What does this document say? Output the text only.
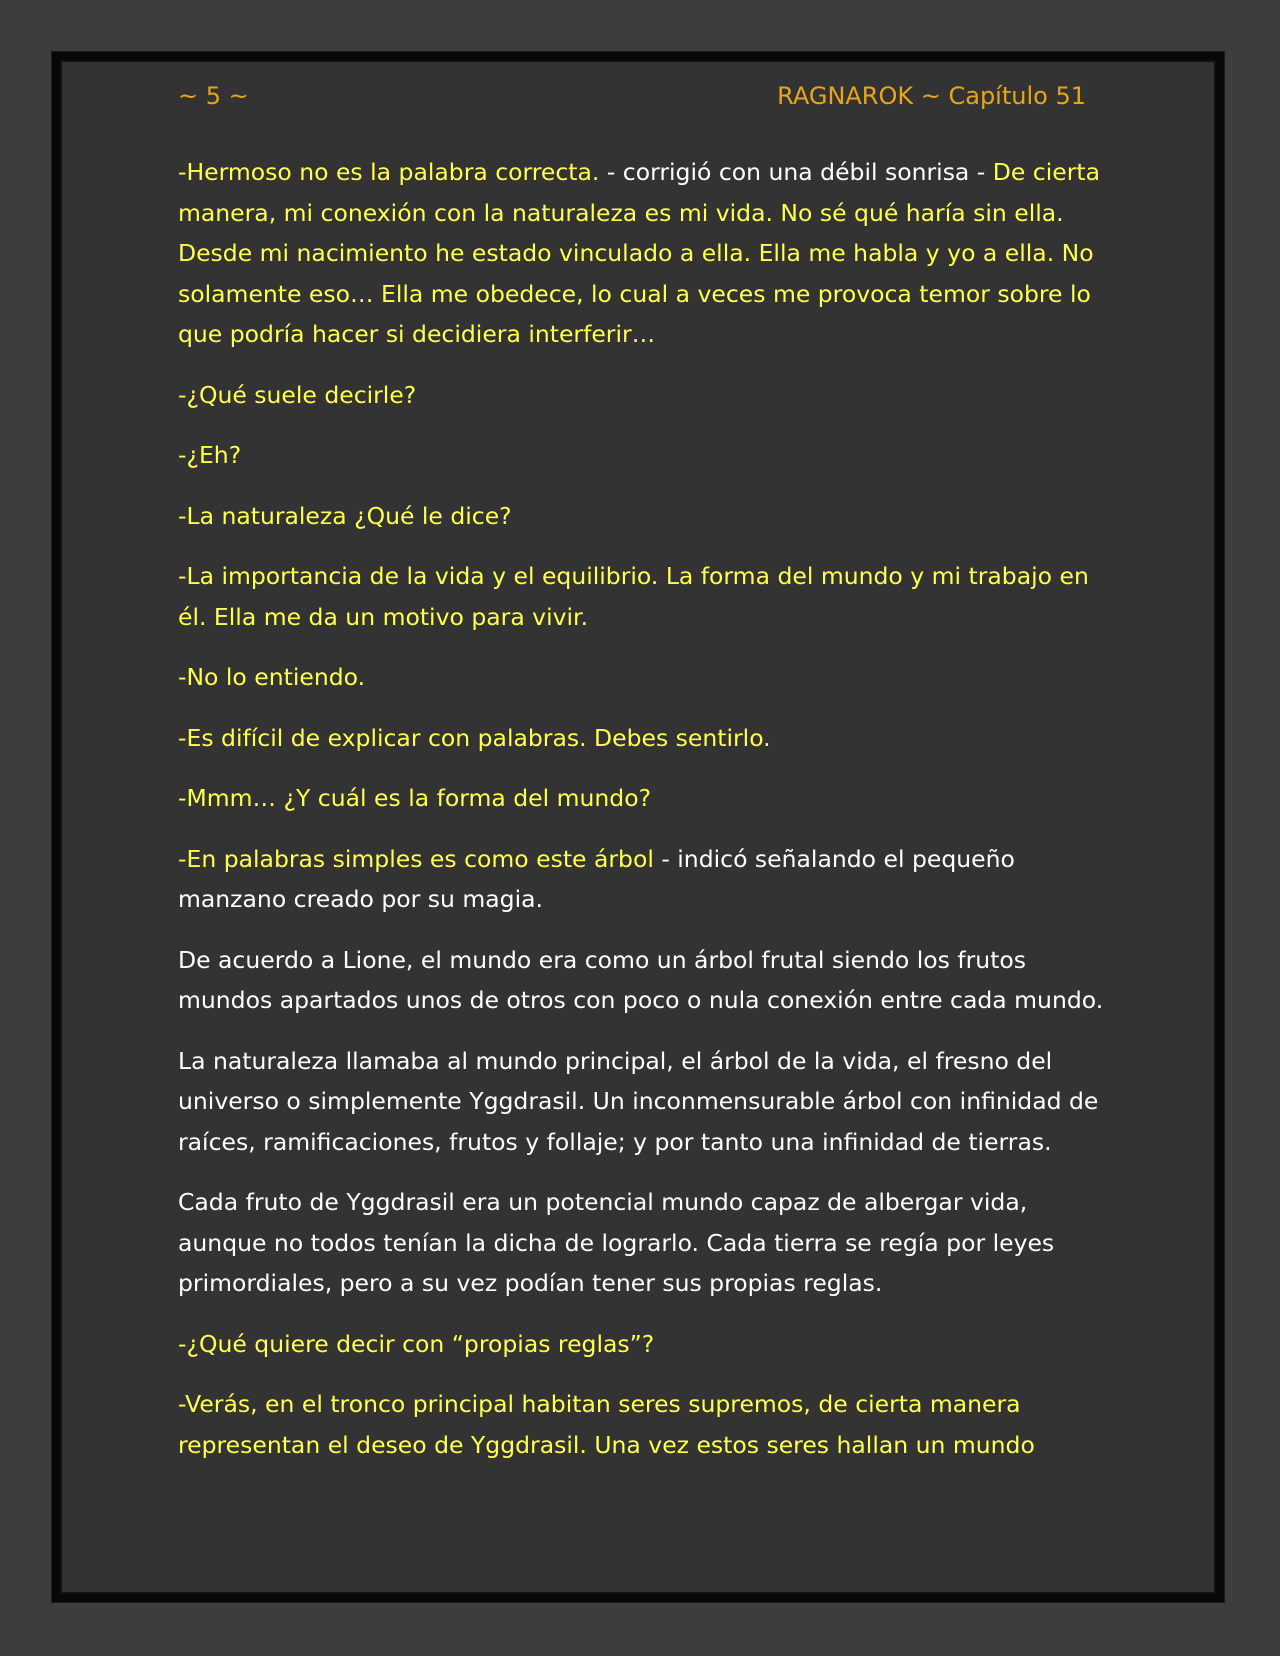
~ 5 ~	RAGNAROK ~ Capítulo 51

-Hermoso no es la palabra correcta. - corrigió con una débil sonrisa - De cierta manera, mi conexión con la naturaleza es mi vida. No sé qué haría sin ella. Desde mi nacimiento he estado vinculado a ella. Ella me habla y yo a ella. No solamente eso… Ella me obedece, lo cual a veces me provoca temor sobre lo que podría hacer si decidiera interferir…

-¿Qué suele decirle?

-¿Eh?

-La naturaleza ¿Qué le dice?

-La importancia de la vida y el equilibrio. La forma del mundo y mi trabajo en él. Ella me da un motivo para vivir.

-No lo entiendo.

-Es difícil de explicar con palabras. Debes sentirlo.

-Mmm… ¿Y cuál es la forma del mundo?

-En palabras simples es como este árbol - indicó señalando el pequeño manzano creado por su magia.

De acuerdo a Lione, el mundo era como un árbol frutal siendo los frutos mundos apartados unos de otros con poco o nula conexión entre cada mundo.

La naturaleza llamaba al mundo principal, el árbol de la vida, el fresno del universo o simplemente Yggdrasil. Un inconmensurable árbol con infinidad de raíces, ramificaciones, frutos y follaje; y por tanto una infinidad de tierras.

Cada fruto de Yggdrasil era un potencial mundo capaz de albergar vida, aunque no todos tenían la dicha de lograrlo. Cada tierra se regía por leyes primordiales, pero a su vez podían tener sus propias reglas.

-¿Qué quiere decir con “propias reglas”?

-Verás, en el tronco principal habitan seres supremos, de cierta manera representan el deseo de Yggdrasil. Una vez estos seres hallan un mundo
